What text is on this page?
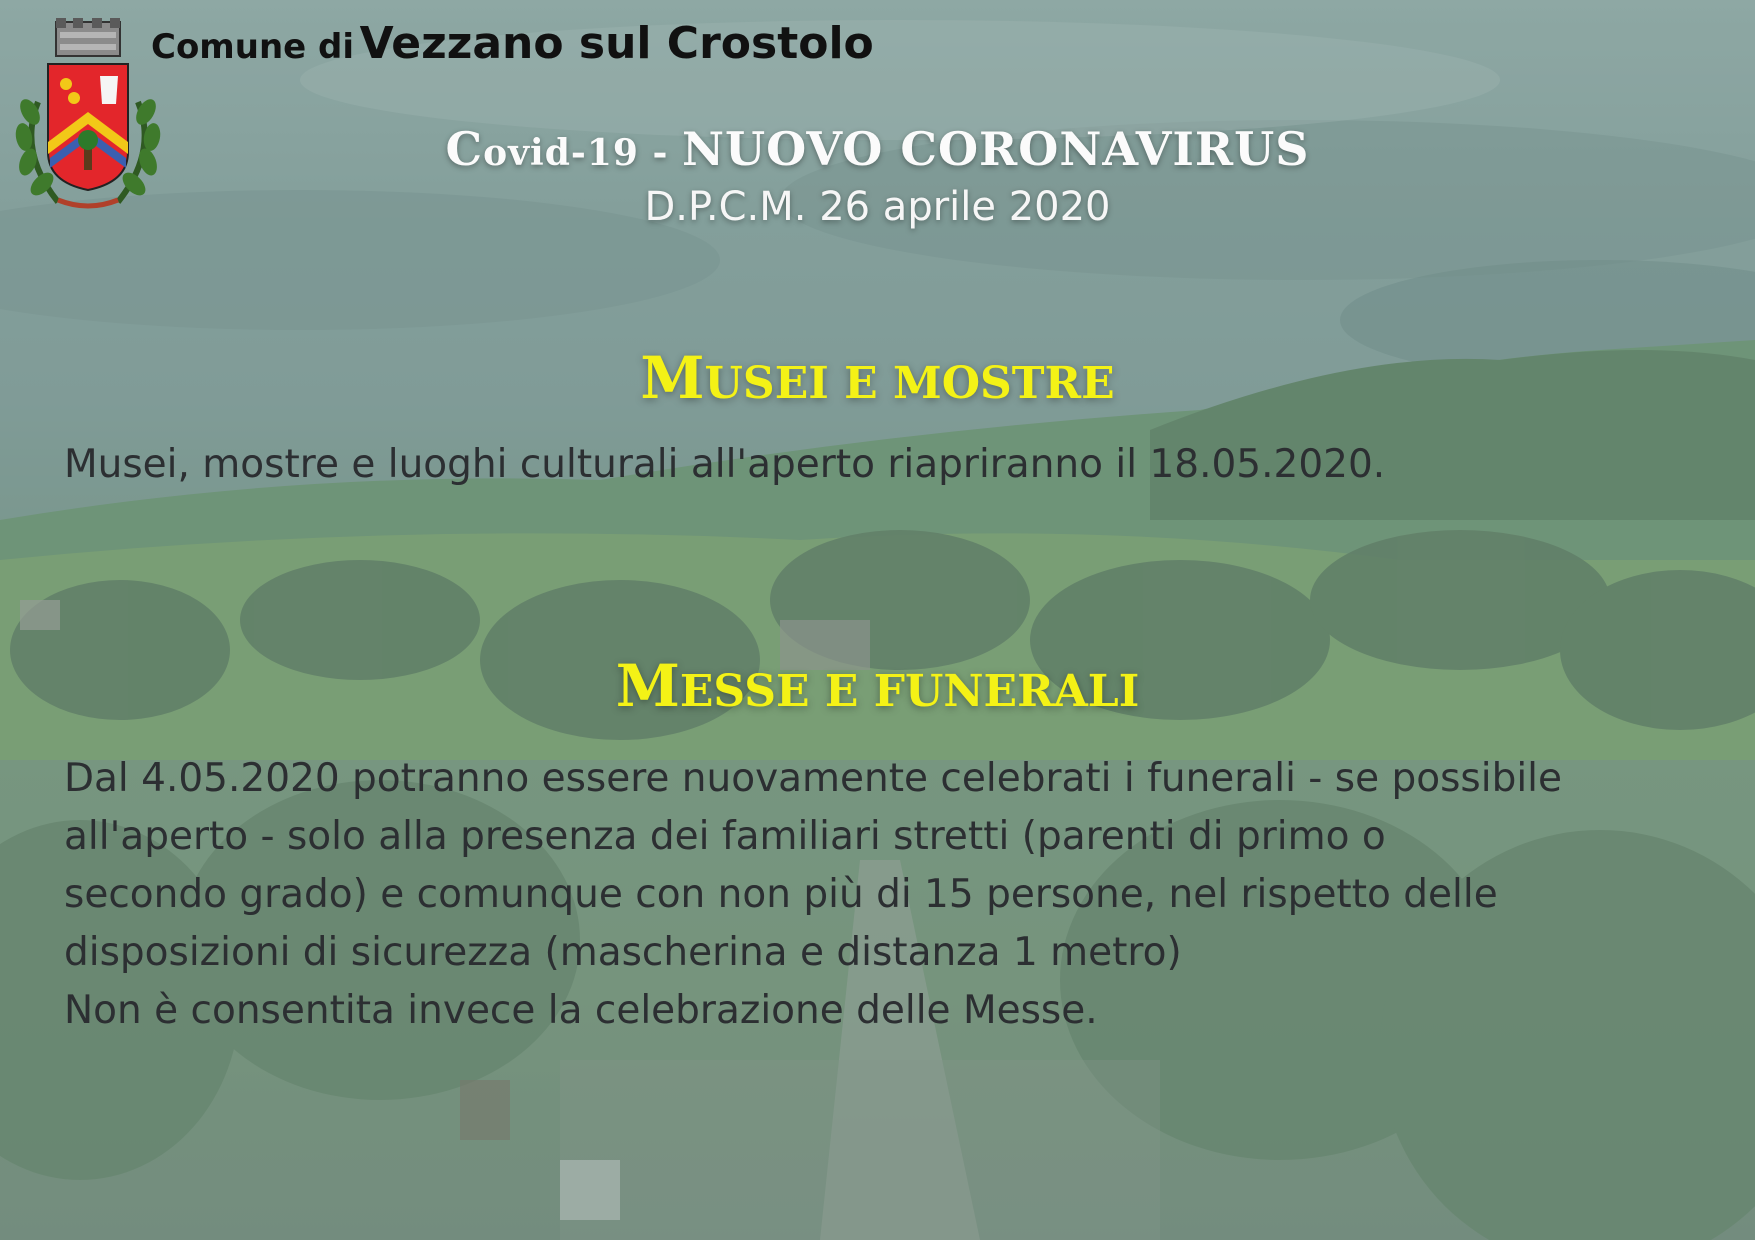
Comune di Vezzano sul Crostolo
Covid-19 - NUOVO CORONAVIRUS
D.P.C.M. 26 aprile 2020
MUSEI E MOSTRE
Musei, mostre e luoghi culturali all'aperto riapriranno il 18.05.2020.
MESSE E FUNERALI
Dal 4.05.2020 potranno essere nuovamente celebrati i funerali - se possibile
all'aperto - solo alla presenza dei familiari stretti (parenti di primo o
secondo grado) e comunque con non più di 15 persone, nel rispetto delle
disposizioni di sicurezza (mascherina e distanza 1 metro)
Non è consentita invece la celebrazione delle Messe.
